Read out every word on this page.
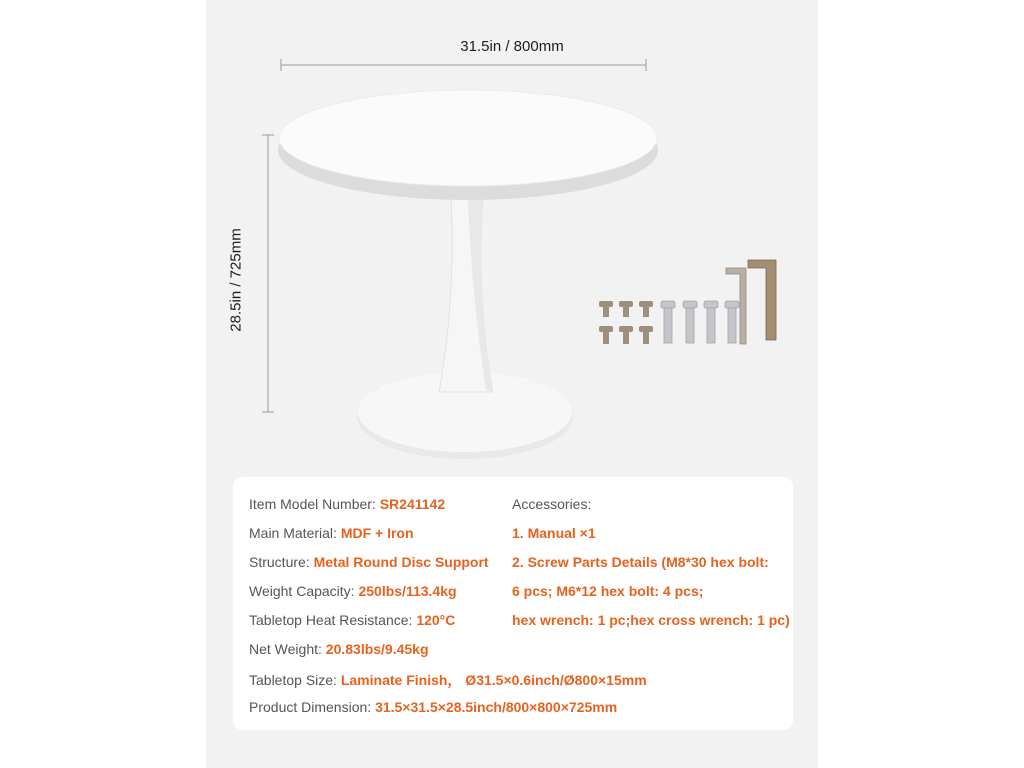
31.5in / 800mm
28.5in / 725mm
Item Model Number: SR241142
Main Material: MDF + Iron
Structure: Metal Round Disc Support
Weight Capacity: 250lbs/113.4kg
Tabletop Heat Resistance: 120°C
Net Weight: 20.83lbs/9.45kg
Tabletop Size: Laminate Finish， Ø31.5×0.6inch/Ø800×15mm
Product Dimension: 31.5×31.5×28.5inch/800×800×725mm
Accessories:
1. Manual ×1
2. Screw Parts Details (M8*30 hex bolt:
6 pcs; M6*12 hex bolt: 4 pcs;
hex wrench: 1 pc;hex cross wrench: 1 pc)
